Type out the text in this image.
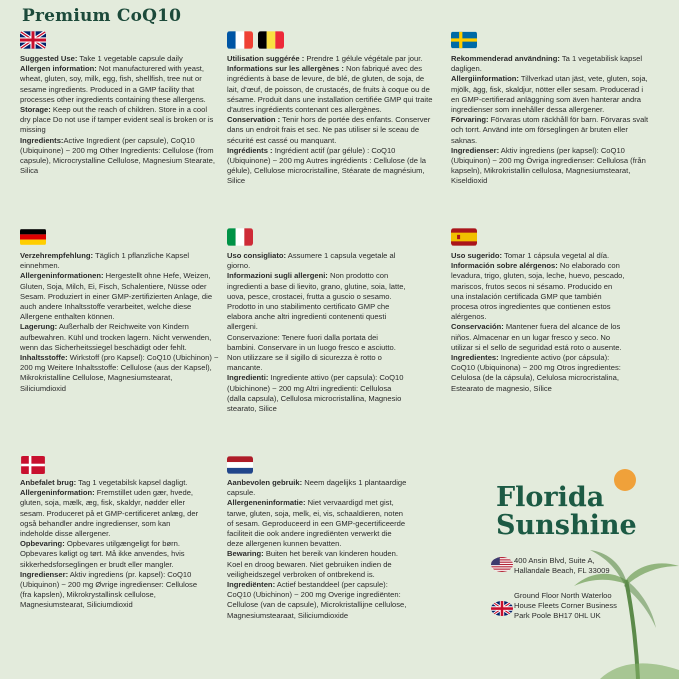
Premium CoQ10

Suggested Use: Take 1 vegetable capsule daily

Allergen information: Not manufacturered with yeast, wheat, gluten, soy, milk, egg, fish, shellfish, tree nut or sesame ingredients. Produced in a GMP facility that processes other ingredients containing these allergens.

Storage: Keep out the reach of children. Store in a cool dry place Do not use if tamper evident seal is broken or is missing

Ingredients:Active Ingredient (per capsule), CoQ10 (Ubiquinone) ~ 200 mg Other Ingredients: Cellulose (from capsule), Microcrystalline Cellulose, Magnesium Stearate, Silica

Utilisation suggérée : Prendre 1 gélule végétale par jour.

Informations sur les allergènes : Non fabriqué avec des ingrédients à base de levure, de blé, de gluten, de soja, de lait, d'œuf, de poisson, de crustacés, de fruits à coque ou de sésame. Produit dans une installation certifiée GMP qui traite d'autres ingrédients contenant ces allergènes.

Conservation : Tenir hors de portée des enfants. Conserver dans un endroit frais et sec. Ne pas utiliser si le sceau de sécurité est cassé ou manquant.

Ingrédients : Ingrédient actif (par gélule) : CoQ10 (Ubiquinone) ~ 200 mg Autres ingrédients : Cellulose (de la gélule), Cellulose microcristalline, Stéarate de magnésium, Silice

Rekommenderad användning: Ta 1 vegetabilisk kapsel dagligen.

Allergiinformation: Tillverkad utan jäst, vete, gluten, soja, mjölk, ägg, fisk, skaldjur, nötter eller sesam. Producerad i en GMP-certifierad anläggning som även hanterar andra ingredienser som innehåller dessa allergener.

Förvaring: Förvaras utom räckhåll för barn. Förvaras svalt och torrt. Använd inte om förseglingen är bruten eller saknas.

Ingredienser: Aktiv ingrediens (per kapsel): CoQ10 (Ubiquinon) ~ 200 mg Övriga ingredienser: Cellulosa (från kapseln), Mikrokristallin cellulosa, Magnesiumstearat, Kiseldioxid

Verzehrempfehlung: Täglich 1 pflanzliche Kapsel einnehmen.

Allergeninformationen: Hergestellt ohne Hefe, Weizen, Gluten, Soja, Milch, Ei, Fisch, Schalentiere, Nüsse oder Sesam. Produziert in einer GMP-zertifizierten Anlage, die auch andere Inhaltsstoffe verarbeitet, welche diese Allergene enthalten können.

Lagerung: Außerhalb der Reichweite von Kindern aufbewahren. Kühl und trocken lagern. Nicht verwenden, wenn das Sicherheitssiegel beschädigt oder fehlt.

Inhaltsstoffe: Wirkstoff (pro Kapsel): CoQ10 (Ubichinon) ~ 200 mg Weitere Inhaltsstoffe: Cellulose (aus der Kapsel), Mikrokristalline Cellulose, Magnesiumstearat, Siliciumdioxid

Uso consigliato: Assumere 1 capsula vegetale al giorno.

Informazioni sugli allergeni: Non prodotto con ingredienti a base di lievito, grano, glutine, soia, latte, uova, pesce, crostacei, frutta a guscio o sesamo. Prodotto in uno stabilimento certificato GMP che elabora anche altri ingredienti contenenti questi allergeni.

Conservazione: Tenere fuori dalla portata dei bambini. Conservare in un luogo fresco e asciutto. Non utilizzare se il sigillo di sicurezza è rotto o mancante.

Ingredienti: Ingrediente attivo (per capsula): CoQ10 (Ubichinone) ~ 200 mg Altri ingredienti: Cellulosa (dalla capsula), Cellulosa microcristallina, Magnesio stearato, Silice

Uso sugerido: Tomar 1 cápsula vegetal al día.

Información sobre alérgenos: No elaborado con levadura, trigo, gluten, soja, leche, huevo, pescado, mariscos, frutos secos ni sésamo. Producido en una instalación certificada GMP que también procesa otros ingredientes que contienen estos alérgenos.

Conservación: Mantener fuera del alcance de los niños. Almacenar en un lugar fresco y seco. No utilizar si el sello de seguridad está roto o ausente.

Ingredientes: Ingrediente activo (por cápsula): CoQ10 (Ubiquinona) ~ 200 mg Otros ingredientes: Celulosa (de la cápsula), Celulosa microcristalina, Estearato de magnesio, Sílice

Anbefalet brug: Tag 1 vegetabilsk kapsel dagligt.

Allergeninformation: Fremstillet uden gær, hvede, gluten, soja, mælk, æg, fisk, skaldyr, nødder eller sesam. Produceret på et GMP-certificeret anlæg, der også behandler andre ingredienser, som kan indeholde disse allergener.

Opbevaring: Opbevares utilgængeligt for børn. Opbevares køligt og tørt. Må ikke anvendes, hvis sikkerhedsforseglingen er brudt eller mangler.

Ingredienser: Aktiv ingrediens (pr. kapsel): CoQ10 (Ubiquinon) ~ 200 mg Øvrige ingredienser: Cellulose (fra kapslen), Mikrokrystallinsk cellulose, Magnesiumstearat, Siliciumdioxid

Aanbevolen gebruik: Neem dagelijks 1 plantaardige capsule.

Allergeneninformatie: Niet vervaardigd met gist, tarwe, gluten, soja, melk, ei, vis, schaaldieren, noten of sesam. Geproduceerd in een GMP-gecertificeerde faciliteit die ook andere ingrediënten verwerkt die deze allergenen kunnen bevatten.

Bewaring: Buiten het bereik van kinderen houden. Koel en droog bewaren. Niet gebruiken indien de veiligheidszegel verbroken of ontbrekend is.

Ingrediënten: Actief bestanddeel (per capsule): CoQ10 (Ubichinon) ~ 200 mg Overige ingrediënten: Cellulose (van de capsule), Microkristallijne cellulose, Magnesiumstearaat, Siliciumdioxide

Florida
Sunshine
400 Ansin Blvd, Suite A, Hallandale Beach, FL 33009
Ground Floor North Waterloo House Fleets Corner Business Park Poole BH17 0HL UK
